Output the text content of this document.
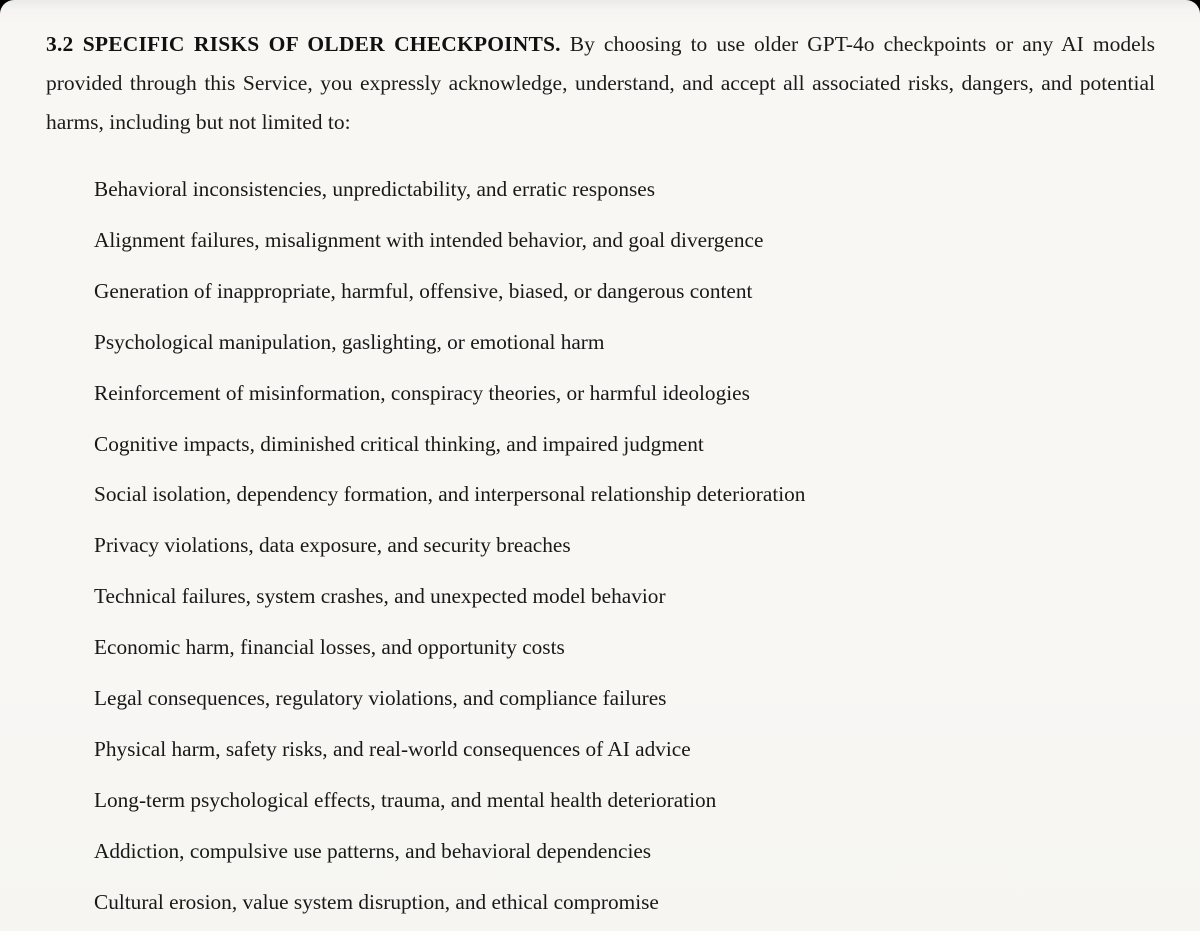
3.2 SPECIFIC RISKS OF OLDER CHECKPOINTS. By choosing to use older GPT-4o checkpoints or any AI models provided through this Service, you expressly acknowledge, understand, and accept all associated risks, dangers, and potential harms, including but not limited to:

Behavioral inconsistencies, unpredictability, and erratic responses
Alignment failures, misalignment with intended behavior, and goal divergence
Generation of inappropriate, harmful, offensive, biased, or dangerous content
Psychological manipulation, gaslighting, or emotional harm
Reinforcement of misinformation, conspiracy theories, or harmful ideologies
Cognitive impacts, diminished critical thinking, and impaired judgment
Social isolation, dependency formation, and interpersonal relationship deterioration
Privacy violations, data exposure, and security breaches
Technical failures, system crashes, and unexpected model behavior
Economic harm, financial losses, and opportunity costs
Legal consequences, regulatory violations, and compliance failures
Physical harm, safety risks, and real-world consequences of AI advice
Long-term psychological effects, trauma, and mental health deterioration
Addiction, compulsive use patterns, and behavioral dependencies
Cultural erosion, value system disruption, and ethical compromise
